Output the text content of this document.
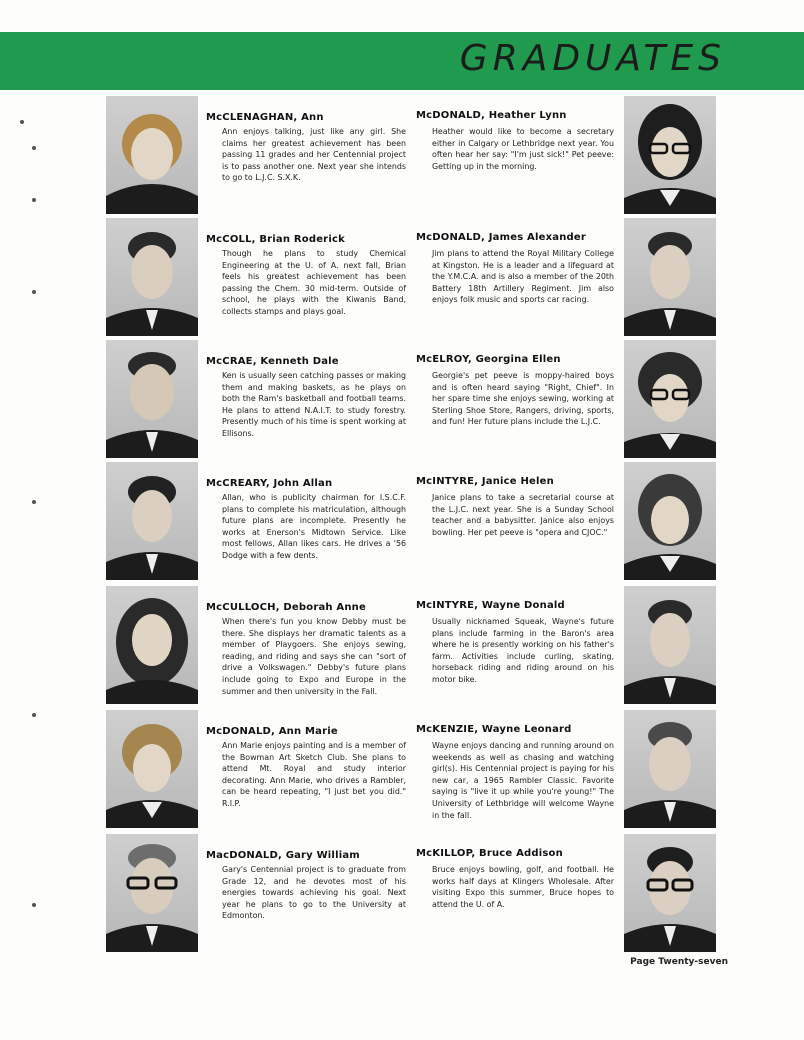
GRADUATES
McCLENAGHAN, Ann
Ann enjoys talking, just like any girl. She claims her greatest achievement has been passing 11 grades and her Centennial project is to pass another one. Next year she intends to go to L.J.C. S.X.K.
McCOLL, Brian Roderick
Though he plans to study Chemical Engineering at the U. of A. next fall, Brian feels his greatest achievement has been passing the Chem. 30 mid-term. Outside of school, he plays with the Kiwanis Band, collects stamps and plays goal.
McCRAE, Kenneth Dale
Ken is usually seen catching passes or making them and making baskets, as he plays on both the Ram's basketball and football teams. He plans to attend N.A.I.T. to study forestry. Presently much of his time is spent working at Ellisons.
McCREARY, John Allan
Allan, who is publicity chairman for I.S.C.F. plans to complete his matriculation, although future plans are incomplete. Presently he works at Enerson's Midtown Service. Like most fellows, Allan likes cars. He drives a '56 Dodge with a few dents.
McCULLOCH, Deborah Anne
When there's fun you know Debby must be there. She displays her dramatic talents as a member of Playgoers. She enjoys sewing, reading, and riding and says she can "sort of drive a Volkswagen." Debby's future plans include going to Expo and Europe in the summer and then university in the Fall.
McDONALD, Ann Marie
Ann Marie enjoys painting and is a member of the Bowman Art Sketch Club. She plans to attend Mt. Royal and study interior decorating. Ann Marie, who drives a Rambler, can be heard repeating, "I just bet you did." R.I.P.
MacDONALD, Gary William
Gary's Centennial project is to graduate from Grade 12, and he devotes most of his energies towards achieving his goal. Next year he plans to go to the University at Edmonton.
McDONALD, Heather Lynn
Heather would like to become a secretary either in Calgary or Lethbridge next year. You often hear her say: "I'm just sick!" Pet peeve: Getting up in the morning.
McDONALD, James Alexander
Jim plans to attend the Royal Military College at Kingston. He is a leader and a lifeguard at the Y.M.C.A. and is also a member of the 20th Battery 18th Artillery Regiment. Jim also enjoys folk music and sports car racing.
McELROY, Georgina Ellen
Georgie's pet peeve is moppy-haired boys and is often heard saying "Right, Chief". In her spare time she enjoys sewing, working at Sterling Shoe Store, Rangers, driving, sports, and fun! Her future plans include the L.J.C.
McINTYRE, Janice Helen
Janice plans to take a secretarial course at the L.J.C. next year. She is a Sunday School teacher and a babysitter. Janice also enjoys bowling. Her pet peeve is "opera and CJOC."
McINTYRE, Wayne Donald
Usually nicknamed Squeak, Wayne's future plans include farming in the Baron's area where he is presently working on his father's farm. Activities include curling, skating, horseback riding and riding around on his motor bike.
McKENZIE, Wayne Leonard
Wayne enjoys dancing and running around on weekends as well as chasing and watching girl(s). His Centennial project is paying for his new car, a 1965 Rambler Classic. Favorite saying is "live it up while you're young!" The University of Lethbridge will welcome Wayne in the fall.
McKILLOP, Bruce Addison
Bruce enjoys bowling, golf, and football. He works half days at Klingers Wholesale. After visiting Expo this summer, Bruce hopes to attend the U. of A.
Page Twenty-seven
